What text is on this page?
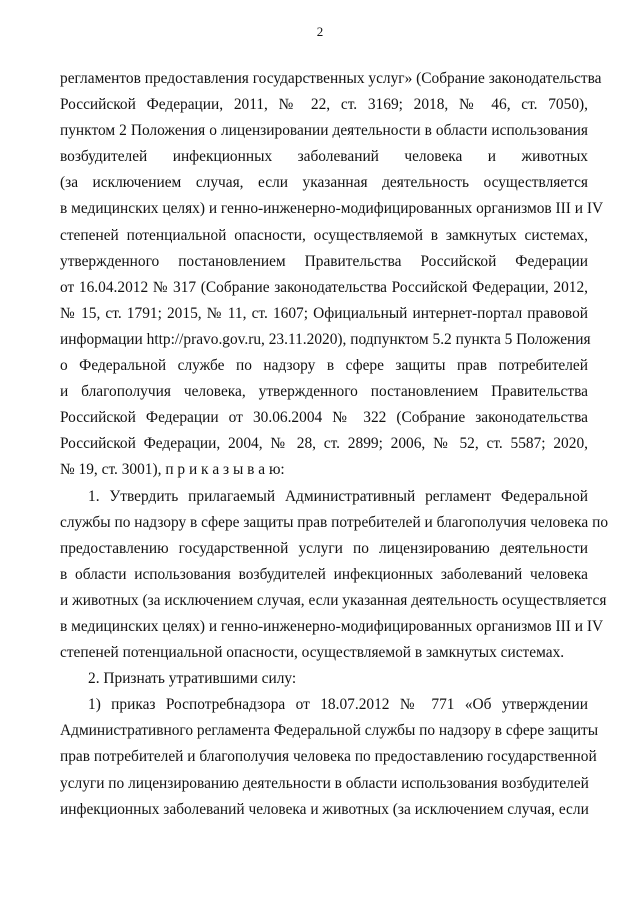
2
регламентов предоставления государственных услуг» (Собрание законодательства
Российской Федерации, 2011, № 22, ст. 3169; 2018, № 46, ст. 7050),
пунктом 2 Положения о лицензировании деятельности в области использования
возбудителей инфекционных заболеваний человека и животных
(за исключением случая, если указанная деятельность осуществляется
в медицинских целях) и генно-инженерно-модифицированных организмов III и IV
степеней потенциальной опасности, осуществляемой в замкнутых системах,
утвержденного постановлением Правительства Российской Федерации
от 16.04.2012 № 317 (Собрание законодательства Российской Федерации, 2012,
№ 15, ст. 1791; 2015, № 11, ст. 1607; Официальный интернет-портал правовой
информации http://pravo.gov.ru, 23.11.2020), подпунктом 5.2 пункта 5 Положения
о Федеральной службе по надзору в сфере защиты прав потребителей
и благополучия человека, утвержденного постановлением Правительства
Российской Федерации от 30.06.2004 № 322 (Собрание законодательства
Российской Федерации, 2004, № 28, ст. 2899; 2006, № 52, ст. 5587; 2020,
№ 19, ст. 3001), п р и к а з ы в а ю:
1. Утвердить прилагаемый Административный регламент Федеральной
службы по надзору в сфере защиты прав потребителей и благополучия человека по
предоставлению государственной услуги по лицензированию деятельности
в области использования возбудителей инфекционных заболеваний человека
и животных (за исключением случая, если указанная деятельность осуществляется
в медицинских целях) и генно-инженерно-модифицированных организмов III и IV
степеней потенциальной опасности, осуществляемой в замкнутых системах.
2. Признать утратившими силу:
1) приказ Роспотребнадзора от 18.07.2012 № 771 «Об утверждении
Административного регламента Федеральной службы по надзору в сфере защиты
прав потребителей и благополучия человека по предоставлению государственной
услуги по лицензированию деятельности в области использования возбудителей
инфекционных заболеваний человека и животных (за исключением случая, если
